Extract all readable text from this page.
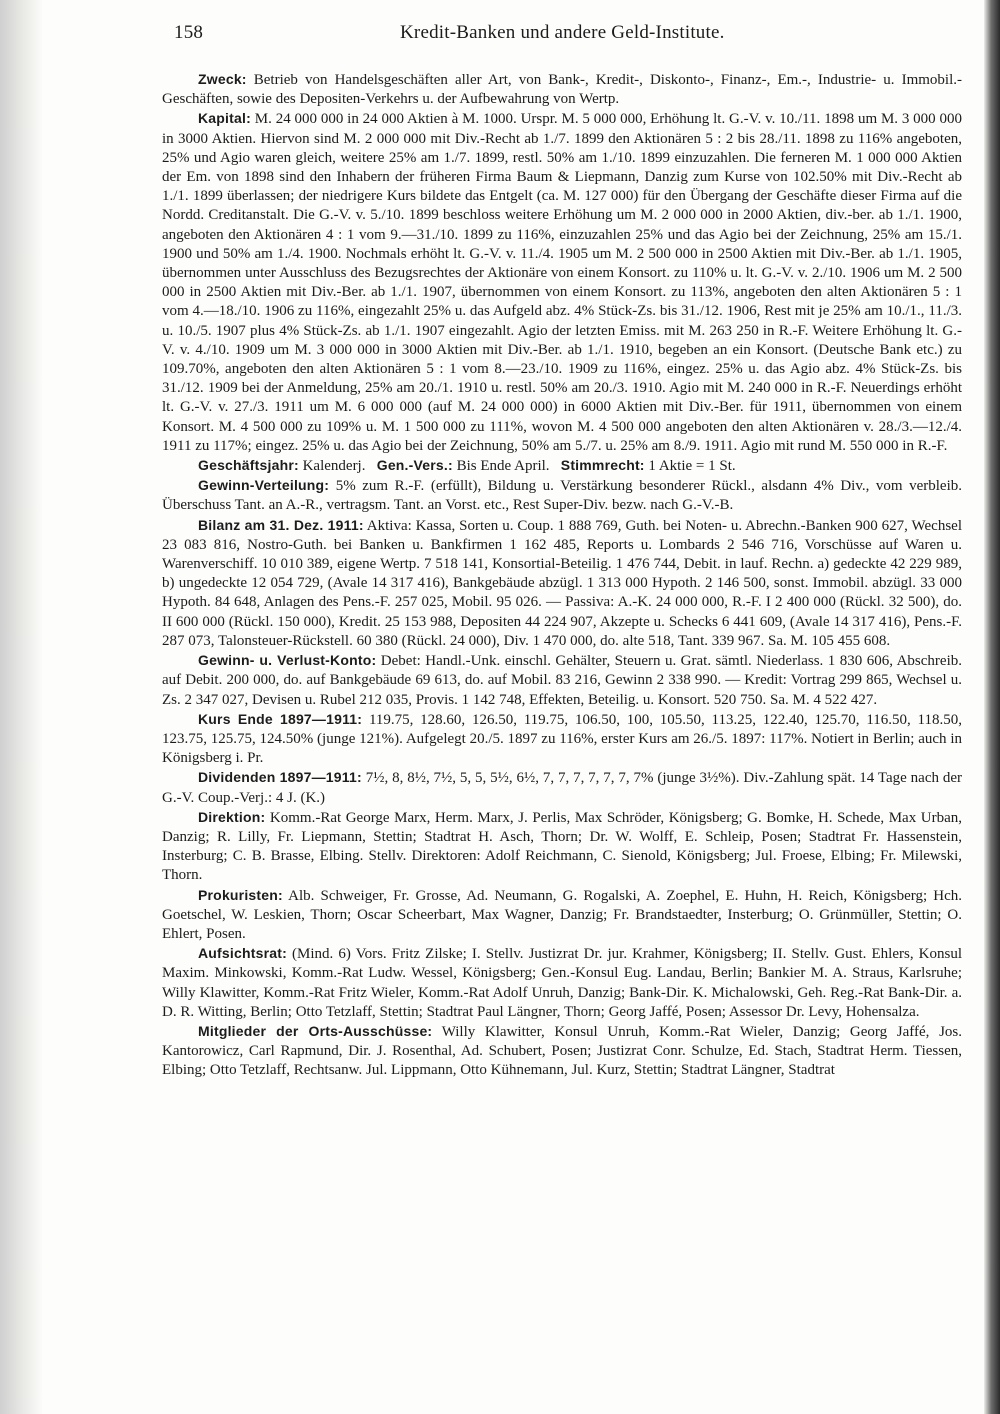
158	Kredit-Banken und andere Geld-Institute.

Zweck: Betrieb von Handelsgeschäften aller Art, von Bank-, Kredit-, Diskonto-, Finanz-, Em.-, Industrie- u. Immobil.-Geschäften, sowie des Depositen-Verkehrs u. der Aufbewahrung von Wertp.

Kapital: M. 24 000 000 in 24 000 Aktien à M. 1000. Urspr. M. 5 000 000, Erhöhung lt. G.-V. v. 10./11. 1898 um M. 3 000 000 in 3000 Aktien. Hiervon sind M. 2 000 000 mit Div.-Recht ab 1./7. 1899 den Aktionären 5 : 2 bis 28./11. 1898 zu 116% angeboten, 25% und Agio waren gleich, weitere 25% am 1./7. 1899, restl. 50% am 1./10. 1899 einzuzahlen. Die ferneren M. 1 000 000 Aktien der Em. von 1898 sind den Inhabern der früheren Firma Baum & Liepmann, Danzig zum Kurse von 102.50% mit Div.-Recht ab 1./1. 1899 überlassen; der niedrigere Kurs bildete das Entgelt (ca. M. 127 000) für den Übergang der Geschäfte dieser Firma auf die Nordd. Creditanstalt. Die G.-V. v. 5./10. 1899 beschloss weitere Erhöhung um M. 2 000 000 in 2000 Aktien, div.-ber. ab 1./1. 1900, angeboten den Aktionären 4 : 1 vom 9.—31./10. 1899 zu 116%, einzuzahlen 25% und das Agio bei der Zeichnung, 25% am 15./1. 1900 und 50% am 1./4. 1900. Nochmals erhöht lt. G.-V. v. 11./4. 1905 um M. 2 500 000 in 2500 Aktien mit Div.-Ber. ab 1./1. 1905, übernommen unter Ausschluss des Bezugsrechtes der Aktionäre von einem Konsort. zu 110% u. lt. G.-V. v. 2./10. 1906 um M. 2 500 000 in 2500 Aktien mit Div.-Ber. ab 1./1. 1907, übernommen von einem Konsort. zu 113%, angeboten den alten Aktionären 5 : 1 vom 4.—18./10. 1906 zu 116%, eingezahlt 25% u. das Aufgeld abz. 4% Stück-Zs. bis 31./12. 1906, Rest mit je 25% am 10./1., 11./3. u. 10./5. 1907 plus 4% Stück-Zs. ab 1./1. 1907 eingezahlt. Agio der letzten Emiss. mit M. 263 250 in R.-F. Weitere Erhöhung lt. G.-V. v. 4./10. 1909 um M. 3 000 000 in 3000 Aktien mit Div.-Ber. ab 1./1. 1910, begeben an ein Konsort. (Deutsche Bank etc.) zu 109.70%, angeboten den alten Aktionären 5 : 1 vom 8.—23./10. 1909 zu 116%, eingez. 25% u. das Agio abz. 4% Stück-Zs. bis 31./12. 1909 bei der Anmeldung, 25% am 20./1. 1910 u. restl. 50% am 20./3. 1910. Agio mit M. 240 000 in R.-F. Neuerdings erhöht lt. G.-V. v. 27./3. 1911 um M. 6 000 000 (auf M. 24 000 000) in 6000 Aktien mit Div.-Ber. für 1911, übernommen von einem Konsort. M. 4 500 000 zu 109% u. M. 1 500 000 zu 111%, wovon M. 4 500 000 angeboten den alten Aktionären v. 28./3.—12./4. 1911 zu 117%; eingez. 25% u. das Agio bei der Zeichnung, 50% am 5./7. u. 25% am 8./9. 1911. Agio mit rund M. 550 000 in R.-F.

Geschäftsjahr: Kalenderj. Gen.-Vers.: Bis Ende April. Stimmrecht: 1 Aktie = 1 St.

Gewinn-Verteilung: 5% zum R.-F. (erfüllt), Bildung u. Verstärkung besonderer Rückl., alsdann 4% Div., vom verbleib. Überschuss Tant. an A.-R., vertragsm. Tant. an Vorst. etc., Rest Super-Div. bezw. nach G.-V.-B.

Bilanz am 31. Dez. 1911: Aktiva: Kassa, Sorten u. Coup. 1 888 769, Guth. bei Noten- u. Abrechn.-Banken 900 627, Wechsel 23 083 816, Nostro-Guth. bei Banken u. Bankfirmen 1 162 485, Reports u. Lombards 2 546 716, Vorschüsse auf Waren u. Warenverschiff. 10 010 389, eigene Wertp. 7 518 141, Konsortial-Beteilig. 1 476 744, Debit. in lauf. Rechn. a) gedeckte 42 229 989, b) ungedeckte 12 054 729, (Avale 14 317 416), Bankgebäude abzügl. 1 313 000 Hypoth. 2 146 500, sonst. Immobil. abzügl. 33 000 Hypoth. 84 648, Anlagen des Pens.-F. 257 025, Mobil. 95 026. — Passiva: A.-K. 24 000 000, R.-F. I 2 400 000 (Rückl. 32 500), do. II 600 000 (Rückl. 150 000), Kredit. 25 153 988, Depositen 44 224 907, Akzepte u. Schecks 6 441 609, (Avale 14 317 416), Pens.-F. 287 073, Talonsteuer-Rückstell. 60 380 (Rückl. 24 000), Div. 1 470 000, do. alte 518, Tant. 339 967. Sa. M. 105 455 608.

Gewinn- u. Verlust-Konto: Debet: Handl.-Unk. einschl. Gehälter, Steuern u. Grat. sämtl. Niederlass. 1 830 606, Abschreib. auf Debit. 200 000, do. auf Bankgebäude 69 613, do. auf Mobil. 83 216, Gewinn 2 338 990. — Kredit: Vortrag 299 865, Wechsel u. Zs. 2 347 027, Devisen u. Rubel 212 035, Provis. 1 142 748, Effekten, Beteilig. u. Konsort. 520 750. Sa. M. 4 522 427.

Kurs Ende 1897—1911: 119.75, 128.60, 126.50, 119.75, 106.50, 100, 105.50, 113.25, 122.40, 125.70, 116.50, 118.50, 123.75, 125.75, 124.50% (junge 121%). Aufgelegt 20./5. 1897 zu 116%, erster Kurs am 26./5. 1897: 117%. Notiert in Berlin; auch in Königsberg i. Pr.

Dividenden 1897—1911: 7½, 8, 8½, 7½, 5, 5, 5½, 6½, 7, 7, 7, 7, 7, 7, 7% (junge 3½%). Div.-Zahlung spät. 14 Tage nach der G.-V. Coup.-Verj.: 4 J. (K.)

Direktion: Komm.-Rat George Marx, Herm. Marx, J. Perlis, Max Schröder, Königsberg; G. Bomke, H. Schede, Max Urban, Danzig; R. Lilly, Fr. Liepmann, Stettin; Stadtrat H. Asch, Thorn; Dr. W. Wolff, E. Schleip, Posen; Stadtrat Fr. Hassenstein, Insterburg; C. B. Brasse, Elbing. Stellv. Direktoren: Adolf Reichmann, C. Sienold, Königsberg; Jul. Froese, Elbing; Fr. Milewski, Thorn.

Prokuristen: Alb. Schweiger, Fr. Grosse, Ad. Neumann, G. Rogalski, A. Zoephel, E. Huhn, H. Reich, Königsberg; Hch. Goetschel, W. Leskien, Thorn; Oscar Scheerbart, Max Wagner, Danzig; Fr. Brandstaedter, Insterburg; O. Grünmüller, Stettin; O. Ehlert, Posen.

Aufsichtsrat: (Mind. 6) Vors. Fritz Zilske; I. Stellv. Justizrat Dr. jur. Krahmer, Königsberg; II. Stellv. Gust. Ehlers, Konsul Maxim. Minkowski, Komm.-Rat Ludw. Wessel, Königsberg; Gen.-Konsul Eug. Landau, Berlin; Bankier M. A. Straus, Karlsruhe; Willy Klawitter, Komm.-Rat Fritz Wieler, Komm.-Rat Adolf Unruh, Danzig; Bank-Dir. K. Michalowski, Geh. Reg.-Rat Bank-Dir. a. D. R. Witting, Berlin; Otto Tetzlaff, Stettin; Stadtrat Paul Längner, Thorn; Georg Jaffé, Posen; Assessor Dr. Levy, Hohensalza.

Mitglieder der Orts-Ausschüsse: Willy Klawitter, Konsul Unruh, Komm.-Rat Wieler, Danzig; Georg Jaffé, Jos. Kantorowicz, Carl Rapmund, Dir. J. Rosenthal, Ad. Schubert, Posen; Justizrat Conr. Schulze, Ed. Stach, Stadtrat Herm. Tiessen, Elbing; Otto Tetzlaff, Rechtsanw. Jul. Lippmann, Otto Kühnemann, Jul. Kurz, Stettin; Stadtrat Längner, Stadtrat
